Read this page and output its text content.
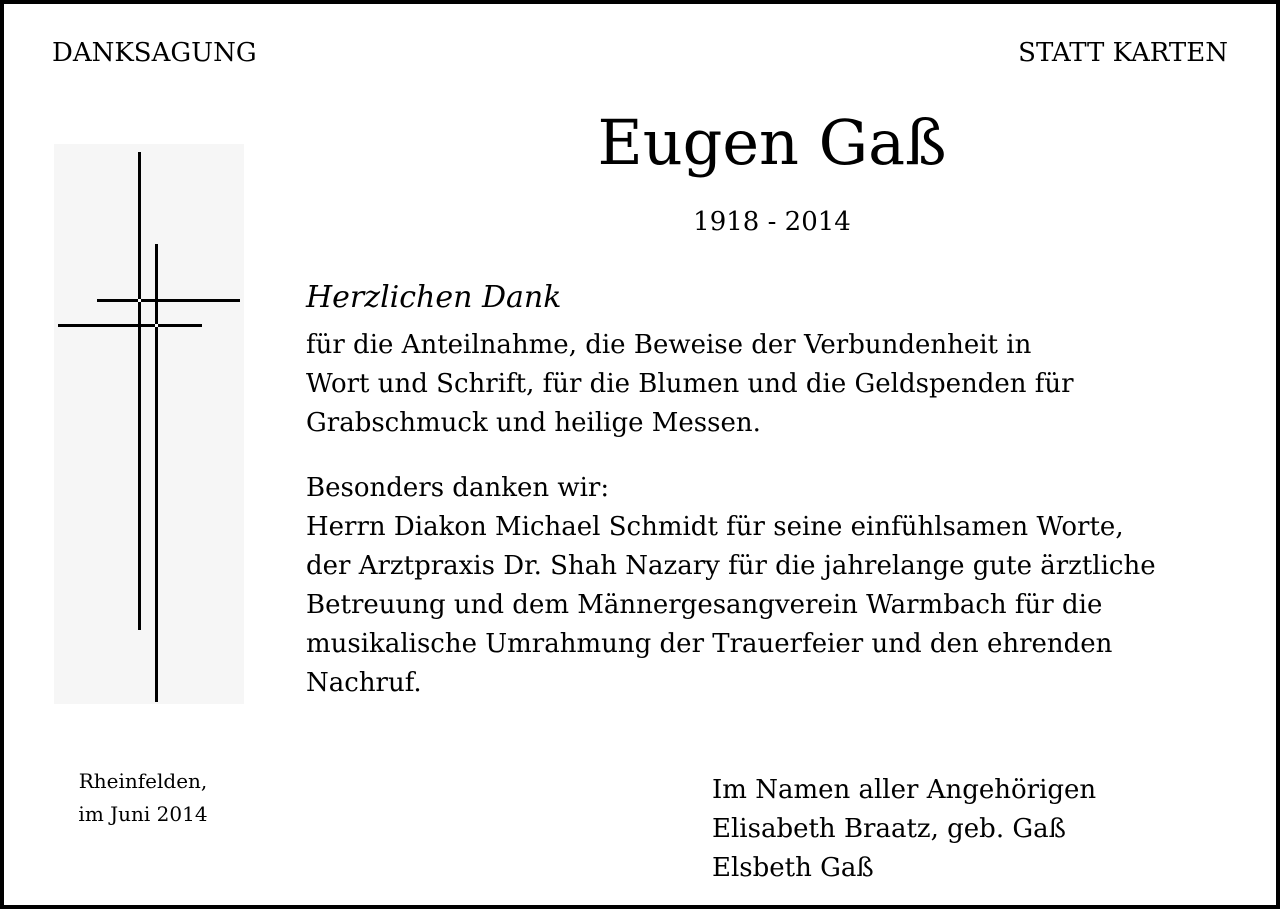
DANKSAGUNG	STATT KARTEN

Eugen Gaß

1918 - 2014

Herzlichen Dank

für die Anteilnahme, die Beweise der Verbundenheit in
Wort und Schrift, für die Blumen und die Geldspenden für
Grabschmuck und heilige Messen.

Besonders danken wir:
Herrn Diakon Michael Schmidt für seine einfühlsamen Worte,
der Arztpraxis Dr. Shah Nazary für die jahrelange gute ärztliche
Betreuung und dem Männergesangverein Warmbach für die
musikalische Umrahmung der Trauerfeier und den ehrenden
Nachruf.

Rheinfelden,
im Juni 2014

Im Namen aller Angehörigen
Elisabeth Braatz, geb. Gaß
Elsbeth Gaß
